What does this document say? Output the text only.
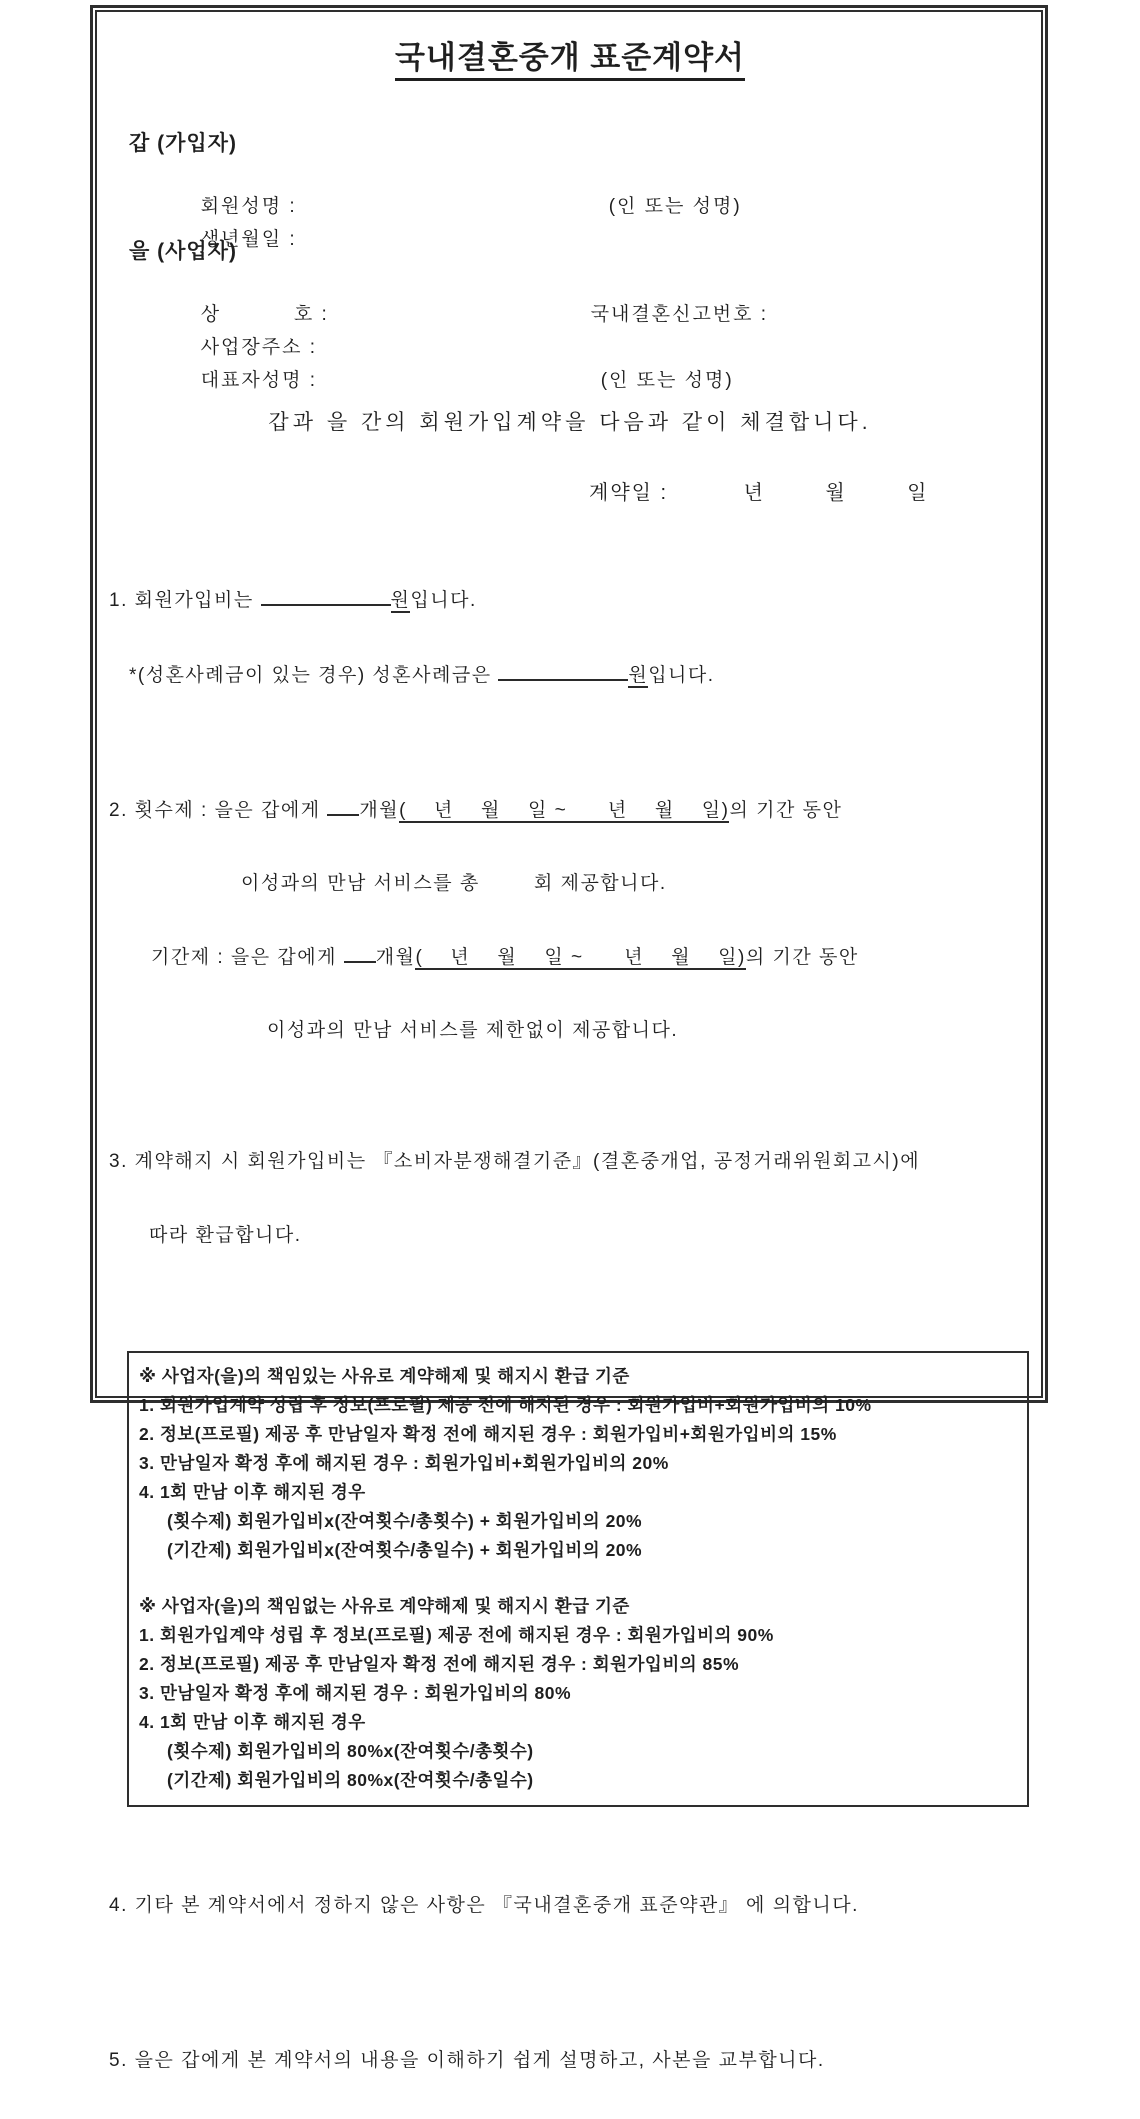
국내결혼중개 표준계약서
갑 (가입자)

회원성명 :	(인 또는 성명)

생년월일 :

을 (사업자)

상          호 :	국내결혼신고번호 :

사업장주소 :

대표자성명 :	(인 또는 성명)

갑과 을 간의 회원가입계약을 다음과 같이 체결합니다.
계약일 :          년        월        일

1. 회원가입비는	원입니다.

*(성혼사례금이 있는 경우) 성혼사례금은	원입니다.

2. 횟수제 : 을은 갑에게 개월(    년    월    일 ~      년    월    일)의 기간 동안

이성과의 만남 서비스를 총        회 제공합니다.

기간제 : 을은 갑에게 개월(    년    월    일 ~      년    월    일)의 기간 동안

이성과의 만남 서비스를 제한없이 제공합니다.

3. 계약해지 시 회원가입비는 『소비자분쟁해결기준』(결혼중개업, 공정거래위원회고시)에

따라 환급합니다.

※ 사업자(을)의 책임있는 사유로 계약해제 및 해지시 환급 기준
1. 회원가입계약 성립 후 정보(프로필) 제공 전에 해지된 경우 : 회원가입비+회원가입비의 10%
2. 정보(프로필) 제공 후 만남일자 확정 전에 해지된 경우 : 회원가입비+회원가입비의 15%
3. 만남일자 확정 후에 해지된 경우 : 회원가입비+회원가입비의 20%
4. 1회 만남 이후 해지된 경우
(횟수제) 회원가입비x(잔여횟수/총횟수) + 회원가입비의 20%
(기간제) 회원가입비x(잔여횟수/총일수) + 회원가입비의 20%
※ 사업자(을)의 책임없는 사유로 계약해제 및 해지시 환급 기준
1. 회원가입계약 성립 후 정보(프로필) 제공 전에 해지된 경우 : 회원가입비의 90%
2. 정보(프로필) 제공 후 만남일자 확정 전에 해지된 경우 : 회원가입비의 85%
3. 만남일자 확정 후에 해지된 경우 : 회원가입비의 80%
4. 1회 만남 이후 해지된 경우
(횟수제) 회원가입비의 80%x(잔여횟수/총횟수)
(기간제) 회원가입비의 80%x(잔여횟수/총일수)

4. 기타 본 계약서에서 정하지 않은 사항은 『국내결혼중개 표준약관』 에 의합니다.

5. 을은 갑에게 본 계약서의 내용을 이해하기 쉽게 설명하고, 사본을 교부합니다.
